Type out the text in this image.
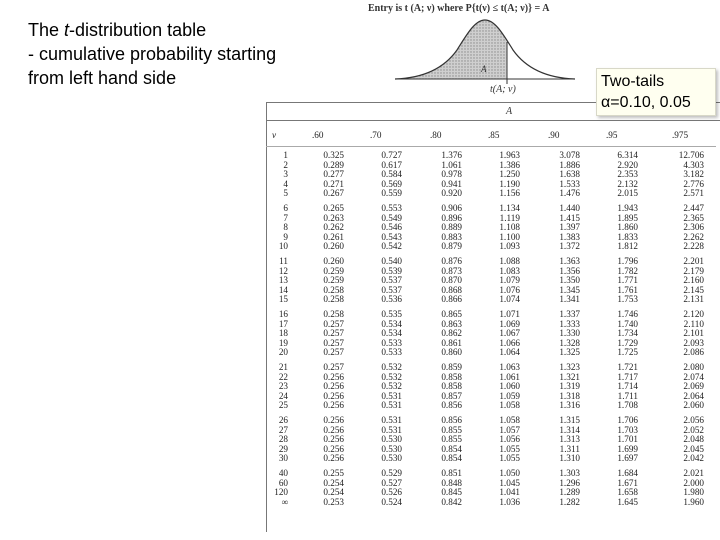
The t-distribution table
- cumulative probability starting
from left hand side
Entry is t (A; ν) where P{t(ν) ≤ t(A; ν)} = A
A
t(A; ν)
A
Two-tails
α=0.10, 0.05
ν	.60	.70	.80	.85	.90	.95	.975
1	0.325	0.727	1.376	1.963	3.078	6.314	12.706
2	0.289	0.617	1.061	1.386	1.886	2.920	4.303
3	0.277	0.584	0.978	1.250	1.638	2.353	3.182
4	0.271	0.569	0.941	1.190	1.533	2.132	2.776
5	0.267	0.559	0.920	1.156	1.476	2.015	2.571
6	0.265	0.553	0.906	1.134	1.440	1.943	2.447
7	0.263	0.549	0.896	1.119	1.415	1.895	2.365
8	0.262	0.546	0.889	1.108	1.397	1.860	2.306
9	0.261	0.543	0.883	1.100	1.383	1.833	2.262
10	0.260	0.542	0.879	1.093	1.372	1.812	2.228
11	0.260	0.540	0.876	1.088	1.363	1.796	2.201
12	0.259	0.539	0.873	1.083	1.356	1.782	2.179
13	0.259	0.537	0.870	1.079	1.350	1.771	2.160
14	0.258	0.537	0.868	1.076	1.345	1.761	2.145
15	0.258	0.536	0.866	1.074	1.341	1.753	2.131
16	0.258	0.535	0.865	1.071	1.337	1.746	2.120
17	0.257	0.534	0.863	1.069	1.333	1.740	2.110
18	0.257	0.534	0.862	1.067	1.330	1.734	2.101
19	0.257	0.533	0.861	1.066	1.328	1.729	2.093
20	0.257	0.533	0.860	1.064	1.325	1.725	2.086
21	0.257	0.532	0.859	1.063	1.323	1.721	2.080
22	0.256	0.532	0.858	1.061	1.321	1.717	2.074
23	0.256	0.532	0.858	1.060	1.319	1.714	2.069
24	0.256	0.531	0.857	1.059	1.318	1.711	2.064
25	0.256	0.531	0.856	1.058	1.316	1.708	2.060
26	0.256	0.531	0.856	1.058	1.315	1.706	2.056
27	0.256	0.531	0.855	1.057	1.314	1.703	2.052
28	0.256	0.530	0.855	1.056	1.313	1.701	2.048
29	0.256	0.530	0.854	1.055	1.311	1.699	2.045
30	0.256	0.530	0.854	1.055	1.310	1.697	2.042
40	0.255	0.529	0.851	1.050	1.303	1.684	2.021
60	0.254	0.527	0.848	1.045	1.296	1.671	2.000
120	0.254	0.526	0.845	1.041	1.289	1.658	1.980
∞	0.253	0.524	0.842	1.036	1.282	1.645	1.960
